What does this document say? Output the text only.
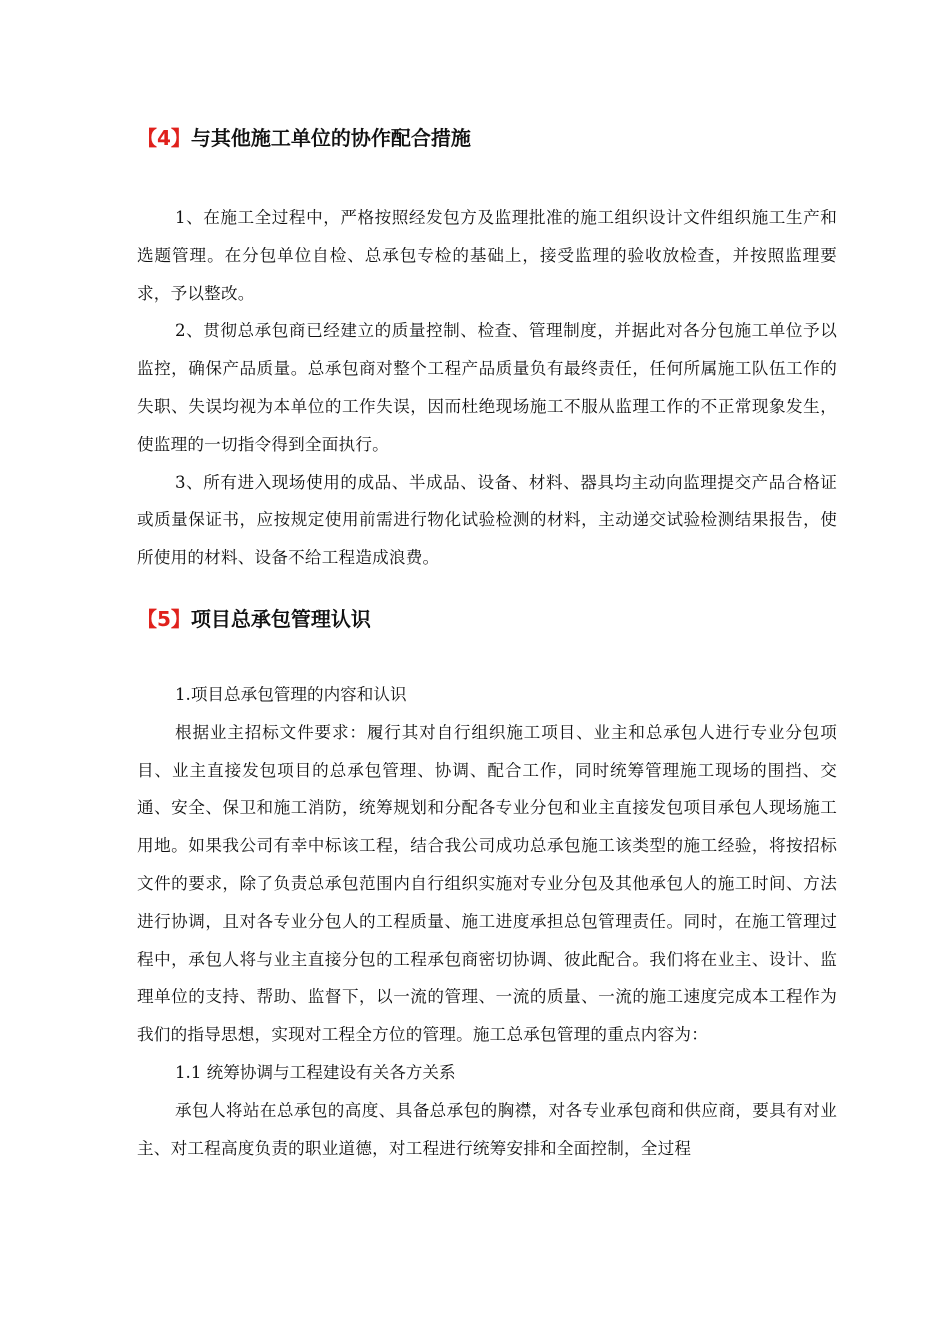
【4】与其他施工单位的协作配合措施

1、在施工全过程中，严格按照经发包方及监理批准的施工组织设计文件组织施工生产和选题管理。在分包单位自检、总承包专检的基础上，接受监理的验收放检查，并按照监理要求，予以整改。

2、贯彻总承包商已经建立的质量控制、检查、管理制度，并据此对各分包施工单位予以监控，确保产品质量。总承包商对整个工程产品质量负有最终责任，任何所属施工队伍工作的失职、失误均视为本单位的工作失误，因而杜绝现场施工不服从监理工作的不正常现象发生，使监理的一切指令得到全面执行。

3、所有进入现场使用的成品、半成品、设备、材料、器具均主动向监理提交产品合格证或质量保证书，应按规定使用前需进行物化试验检测的材料，主动递交试验检测结果报告，使所使用的材料、设备不给工程造成浪费。

【5】项目总承包管理认识

1.项目总承包管理的内容和认识

根据业主招标文件要求：履行其对自行组织施工项目、业主和总承包人进行专业分包项目、业主直接发包项目的总承包管理、协调、配合工作，同时统筹管理施工现场的围挡、交通、安全、保卫和施工消防，统筹规划和分配各专业分包和业主直接发包项目承包人现场施工用地。如果我公司有幸中标该工程，结合我公司成功总承包施工该类型的施工经验，将按招标文件的要求，除了负责总承包范围内自行组织实施对专业分包及其他承包人的施工时间、方法进行协调，且对各专业分包人的工程质量、施工进度承担总包管理责任。同时，在施工管理过程中，承包人将与业主直接分包的工程承包商密切协调、彼此配合。我们将在业主、设计、监理单位的支持、帮助、监督下，以一流的管理、一流的质量、一流的施工速度完成本工程作为我们的指导思想，实现对工程全方位的管理。施工总承包管理的重点内容为：

1.1 统筹协调与工程建设有关各方关系

承包人将站在总承包的高度、具备总承包的胸襟，对各专业承包商和供应商，要具有对业主、对工程高度负责的职业道德，对工程进行统筹安排和全面控制，全过程
